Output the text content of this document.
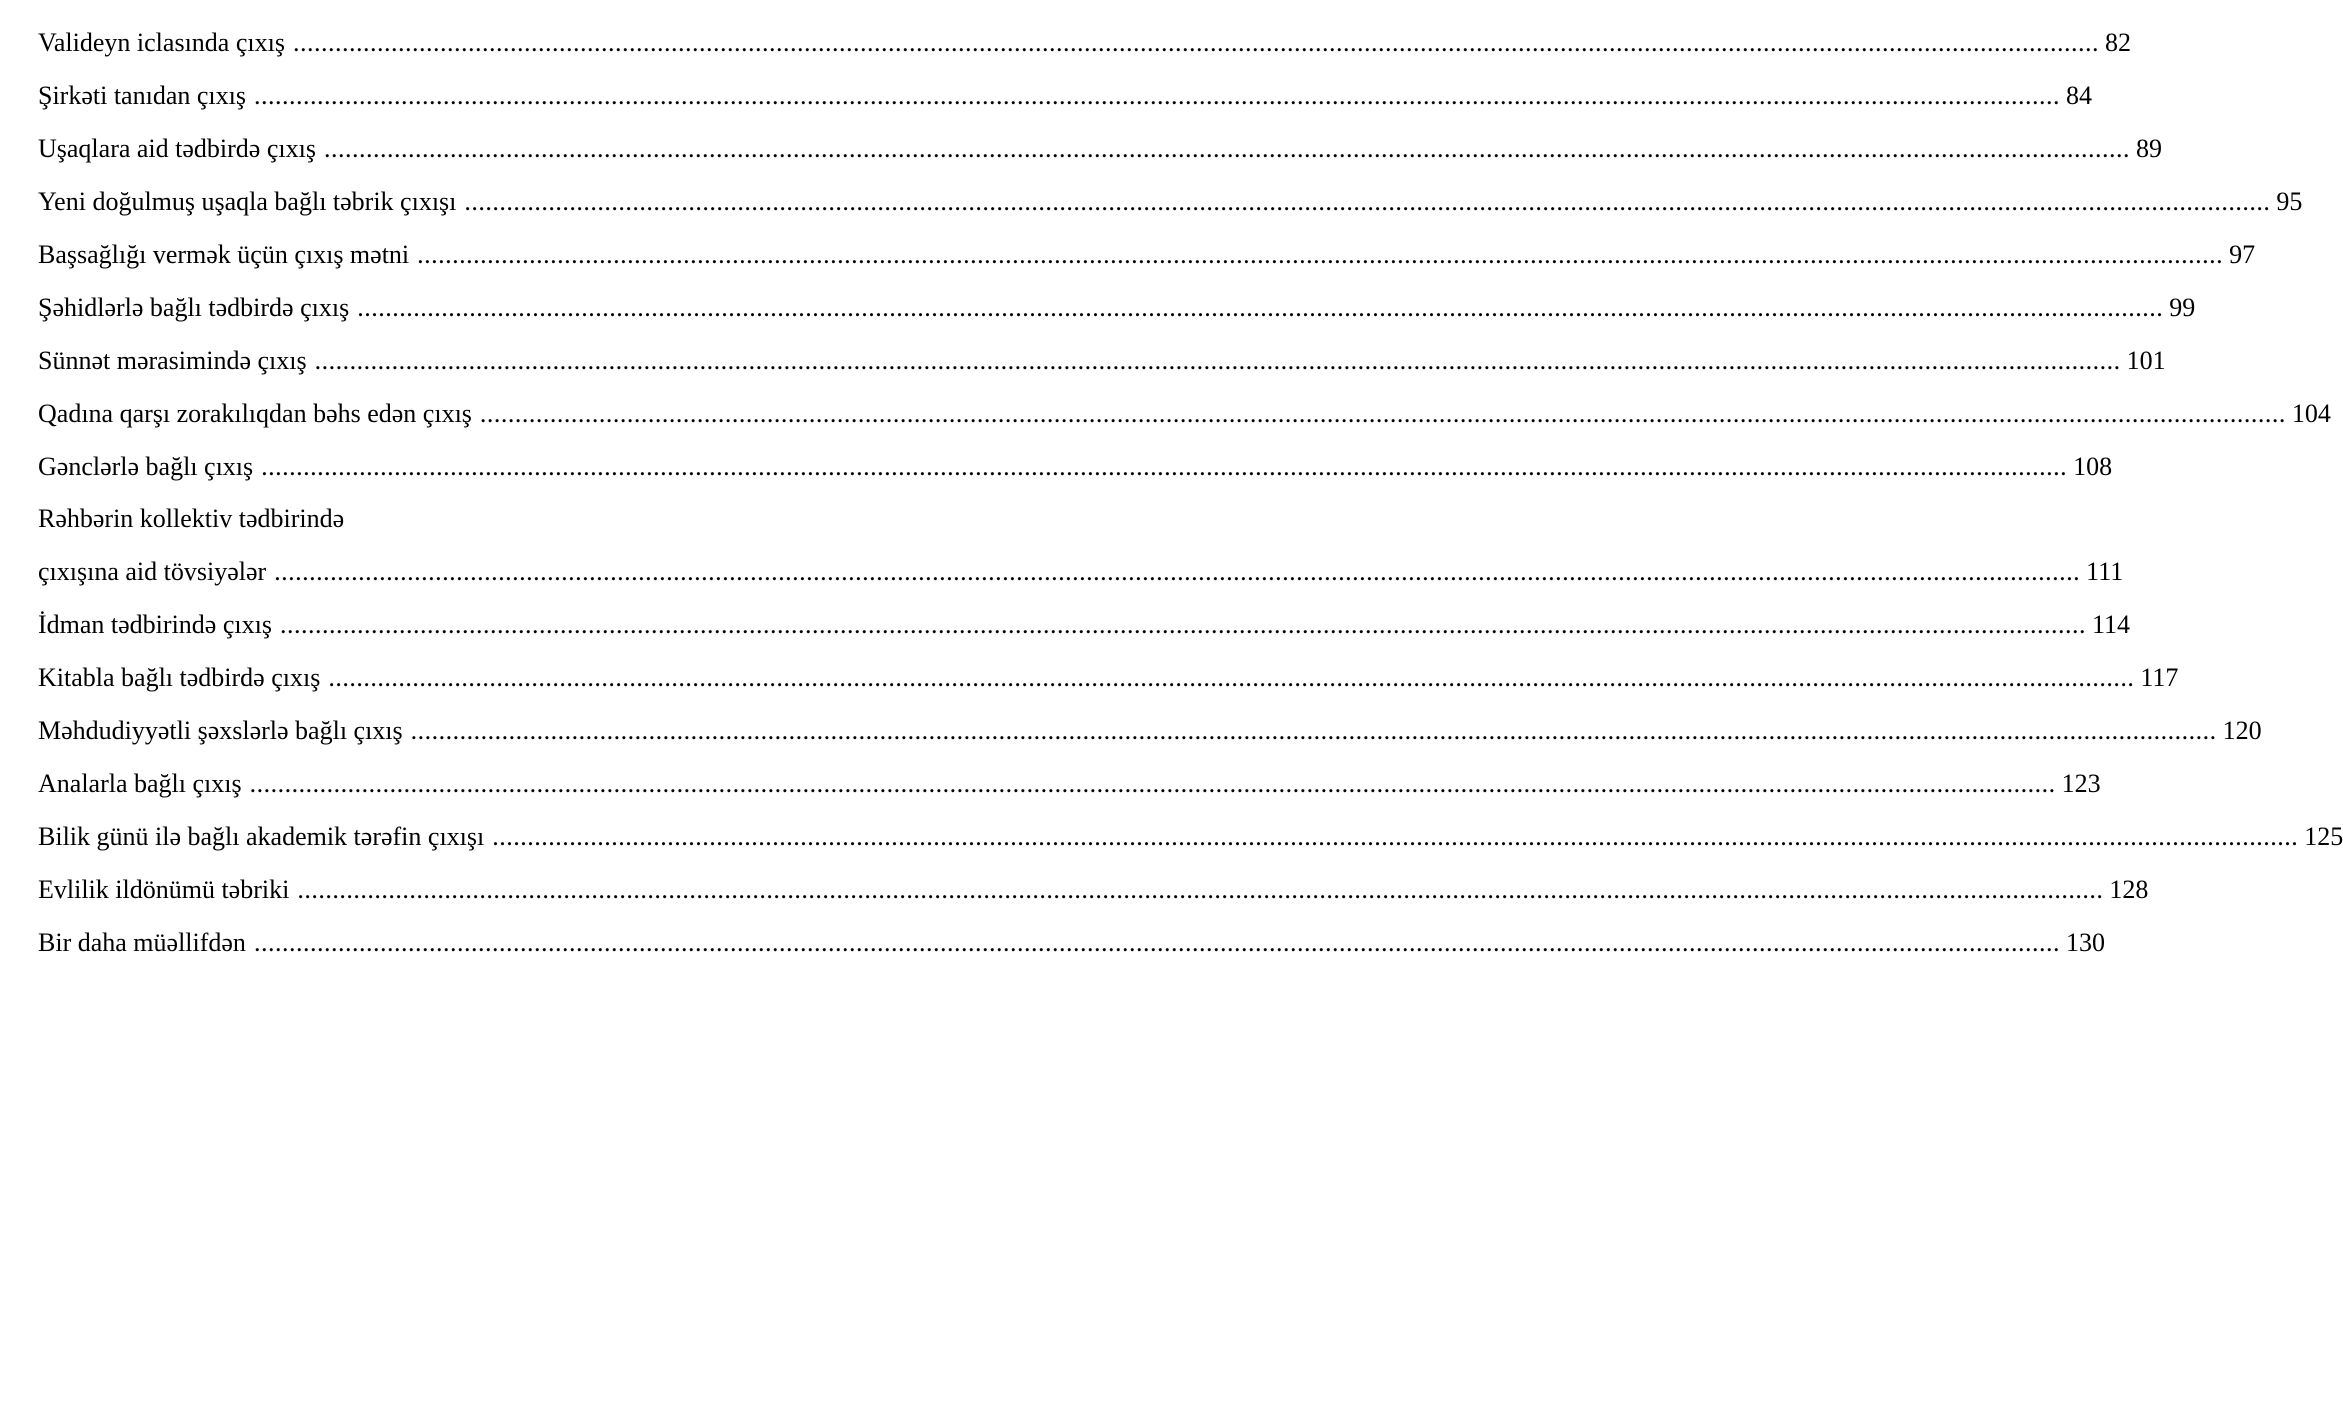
Valideyn iclasında çıxış .................................................................................................................................................................................................................................................................. 82
Şirkəti tanıdan çıxış .................................................................................................................................................................................................................................................................. 84
Uşaqlara aid tədbirdə çıxış .................................................................................................................................................................................................................................................................. 89
Yeni doğulmuş uşaqla bağlı təbrik çıxışı .................................................................................................................................................................................................................................................................. 95
Başsağlığı vermək üçün çıxış mətni .................................................................................................................................................................................................................................................................. 97
Şəhidlərlə bağlı tədbirdə çıxış .................................................................................................................................................................................................................................................................. 99
Sünnət mərasimində çıxış .................................................................................................................................................................................................................................................................. 101
Qadına qarşı zorakılıqdan bəhs edən çıxış .................................................................................................................................................................................................................................................................. 104
Gənclərlə bağlı çıxış .................................................................................................................................................................................................................................................................. 108
Rəhbərin kollektiv tədbirində
çıxışına aid tövsiyələr .................................................................................................................................................................................................................................................................. 111
İdman tədbirində çıxış .................................................................................................................................................................................................................................................................. 114
Kitabla bağlı tədbirdə çıxış .................................................................................................................................................................................................................................................................. 117
Məhdudiyyətli şəxslərlə bağlı çıxış .................................................................................................................................................................................................................................................................. 120
Analarla bağlı çıxış .................................................................................................................................................................................................................................................................. 123
Bilik günü ilə bağlı akademik tərəfin çıxışı .................................................................................................................................................................................................................................................................. 125
Evlilik ildönümü təbriki .................................................................................................................................................................................................................................................................. 128
Bir daha müəllifdən .................................................................................................................................................................................................................................................................. 130
